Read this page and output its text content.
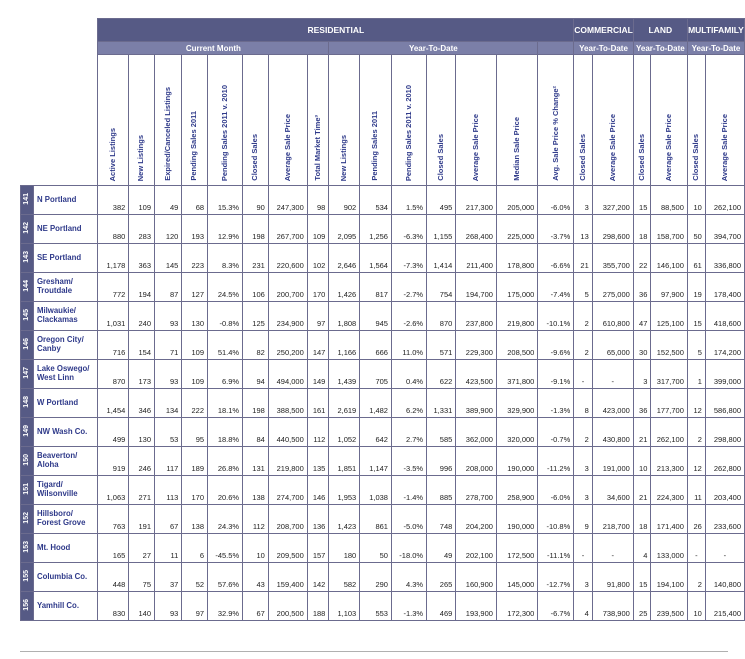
		RESIDENTIAL															COMMERCIAL		LAND		MULTIFAMILY	
		Current Month								Year-To-Date							Year-To-Date		Year-To-Date		Year-To-Date	

		Active Listings	New Listings	Expired/Canceled Listings	Pending Sales 2011	Pending Sales 2011 v. 2010	Closed Sales	Average Sale Price	Total Market Time³	New Listings	Pending Sales 2011	Pending Sales 2011 v. 2010	Closed Sales	Average Sale Price	Median Sale Price	Avg. Sale Price % Change²	Closed Sales	Average Sale Price	Closed Sales	Average Sale Price	Closed Sales	Average Sale Price

141	N Portland	382	109	49	68	15.3%	90	247,300	98	902	534	1.5%	495	217,300	205,000	-6.0%	3	327,200	15	88,500	10	262,100
142	NE Portland	880	283	120	193	12.9%	198	267,700	109	2,095	1,256	-6.3%	1,155	268,400	225,000	-3.7%	13	298,600	18	158,700	50	394,700
143	SE Portland	1,178	363	145	223	8.3%	231	220,600	102	2,646	1,564	-7.3%	1,414	211,400	178,800	-6.6%	21	355,700	22	146,100	61	336,800
144	Gresham/ Troutdale	772	194	87	127	24.5%	106	200,700	170	1,426	817	-2.7%	754	194,700	175,000	-7.4%	5	275,000	36	97,900	19	178,400
145	Milwaukie/ Clackamas	1,031	240	93	130	-0.8%	125	234,900	97	1,808	945	-2.6%	870	237,800	219,800	-10.1%	2	610,800	47	125,100	15	418,600
146	Oregon City/ Canby	716	154	71	109	51.4%	82	250,200	147	1,166	666	11.0%	571	229,300	208,500	-9.6%	2	65,000	30	152,500	5	174,200
147	Lake Oswego/ West Linn	870	173	93	109	6.9%	94	494,000	149	1,439	705	0.4%	622	423,500	371,800	-9.1%	-	-	3	317,700	1	399,000
148	W Portland	1,454	346	134	222	18.1%	198	388,500	161	2,619	1,482	6.2%	1,331	389,900	329,900	-1.3%	8	423,000	36	177,700	12	586,800
149	NW Wash Co.	499	130	53	95	18.8%	84	440,500	112	1,052	642	2.7%	585	362,000	320,000	-0.7%	2	430,800	21	262,100	2	298,800
150	Beaverton/ Aloha	919	246	117	189	26.8%	131	219,800	135	1,851	1,147	-3.5%	996	208,000	190,000	-11.2%	3	191,000	10	213,300	12	262,800
151	Tigard/ Wilsonville	1,063	271	113	170	20.6%	138	274,700	146	1,953	1,038	-1.4%	885	278,700	258,900	-6.0%	3	34,600	21	224,300	11	203,400
152	Hillsboro/ Forest Grove	763	191	67	138	24.3%	112	208,700	136	1,423	861	-5.0%	748	204,200	190,000	-10.8%	9	218,700	18	171,400	26	233,600
153	Mt. Hood	165	27	11	6	-45.5%	10	209,500	157	180	50	-18.0%	49	202,100	172,500	-11.1%	-	-	4	133,000	-	-
155	Columbia Co.	448	75	37	52	57.6%	43	159,400	142	582	290	4.3%	265	160,900	145,000	-12.7%	3	91,800	15	194,100	2	140,800
156	Yamhill Co.	830	140	93	97	32.9%	67	200,500	188	1,103	553	-1.3%	469	193,900	172,300	-6.7%	4	738,900	25	239,500	10	215,400
